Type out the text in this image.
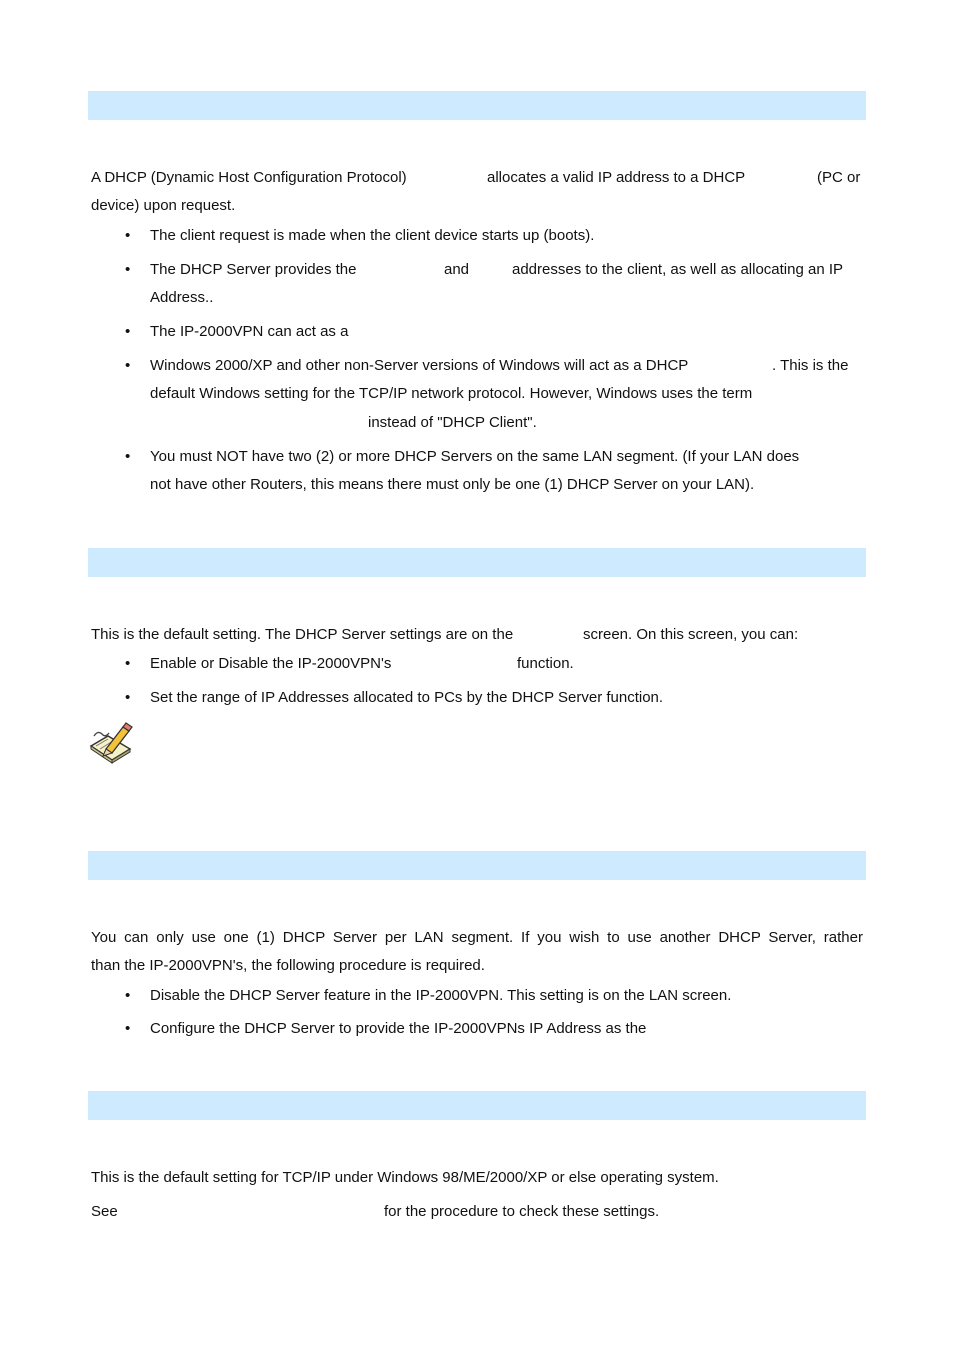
A DHCP (Dynamic Host Configuration Protocol)	allocates a valid IP address to a DHCP	(PC or
device) upon request.
• The client request is made when the client device starts up (boots).
• The DHCP Server provides the	and	addresses to the client, as well as allocating an IP
Address..
• The IP-2000VPN can act as a
• Windows 2000/XP and other non-Server versions of Windows will act as a DHCP	. This is the
default Windows setting for the TCP/IP network protocol. However, Windows uses the term
instead of "DHCP Client".
• You must NOT have two (2) or more DHCP Servers on the same LAN segment. (If your LAN does
not have other Routers, this means there must only be one (1) DHCP Server on your LAN).
This is the default setting. The DHCP Server settings are on the	screen. On this screen, you can:
• Enable or Disable the IP-2000VPN's	function.
• Set the range of IP Addresses allocated to PCs by the DHCP Server function.
You can only use one (1) DHCP Server per LAN segment. If you wish to use another DHCP Server, rather
than the IP-2000VPN's, the following procedure is required.
• Disable the DHCP Server feature in the IP-2000VPN. This setting is on the LAN screen.
• Configure the DHCP Server to provide the IP-2000VPNs IP Address as the
This is the default setting for TCP/IP under Windows 98/ME/2000/XP or else operating system.
See	for the procedure to check these settings.
